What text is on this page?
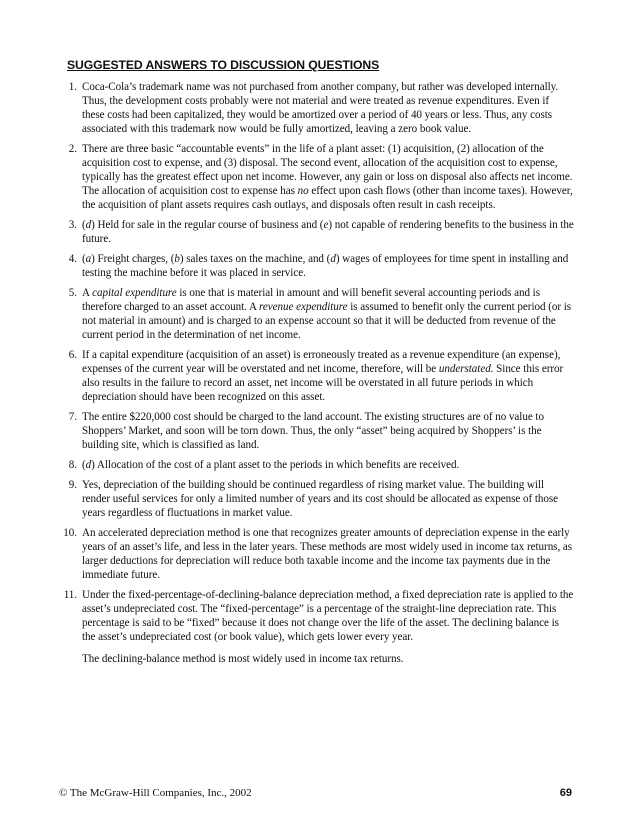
SUGGESTED ANSWERS TO DISCUSSION QUESTIONS
1. Coca-Cola’s trademark name was not purchased from another company, but rather was developed internally. Thus, the development costs probably were not material and were treated as revenue expenditures. Even if these costs had been capitalized, they would be amortized over a period of 40 years or less. Thus, any costs associated with this trademark now would be fully amortized, leaving a zero book value.

2. There are three basic “accountable events” in the life of a plant asset: (1) acquisition, (2) allocation of the acquisition cost to expense, and (3) disposal. The second event, allocation of the acquisition cost to expense, typically has the greatest effect upon net income. However, any gain or loss on disposal also affects net income. The allocation of acquisition cost to expense has no effect upon cash flows (other than income taxes). However, the acquisition of plant assets requires cash outlays, and disposals often result in cash receipts.

3. (d) Held for sale in the regular course of business and (e) not capable of rendering benefits to the business in the future.

4. (a) Freight charges, (b) sales taxes on the machine, and (d) wages of employees for time spent in installing and testing the machine before it was placed in service.

5. A capital expenditure is one that is material in amount and will benefit several accounting periods and is therefore charged to an asset account. A revenue expenditure is assumed to benefit only the current period (or is not material in amount) and is charged to an expense account so that it will be deducted from revenue of the current period in the determination of net income.

6. If a capital expenditure (acquisition of an asset) is erroneously treated as a revenue expenditure (an expense), expenses of the current year will be overstated and net income, therefore, will be understated. Since this error also results in the failure to record an asset, net income will be overstated in all future periods in which depreciation should have been recognized on this asset.

7. The entire $220,000 cost should be charged to the land account. The existing structures are of no value to Shoppers’ Market, and soon will be torn down. Thus, the only “asset” being acquired by Shoppers’ is the building site, which is classified as land.

8. (d) Allocation of the cost of a plant asset to the periods in which benefits are received.

9. Yes, depreciation of the building should be continued regardless of rising market value. The building will render useful services for only a limited number of years and its cost should be allocated as expense of those years regardless of fluctuations in market value.

10. An accelerated depreciation method is one that recognizes greater amounts of depreciation expense in the early years of an asset’s life, and less in the later years. These methods are most widely used in income tax returns, as larger deductions for depreciation will reduce both taxable income and the income tax payments due in the immediate future.

11. Under the fixed-percentage-of-declining-balance depreciation method, a fixed depreciation rate is applied to the asset’s undepreciated cost. The “fixed-percentage” is a percentage of the straight-line depreciation rate. This percentage is said to be “fixed” because it does not change over the life of the asset. The declining balance is the asset’s undepreciated cost (or book value), which gets lower every year.

The declining-balance method is most widely used in income tax returns.

© The McGraw-Hill Companies, Inc., 2002	69
